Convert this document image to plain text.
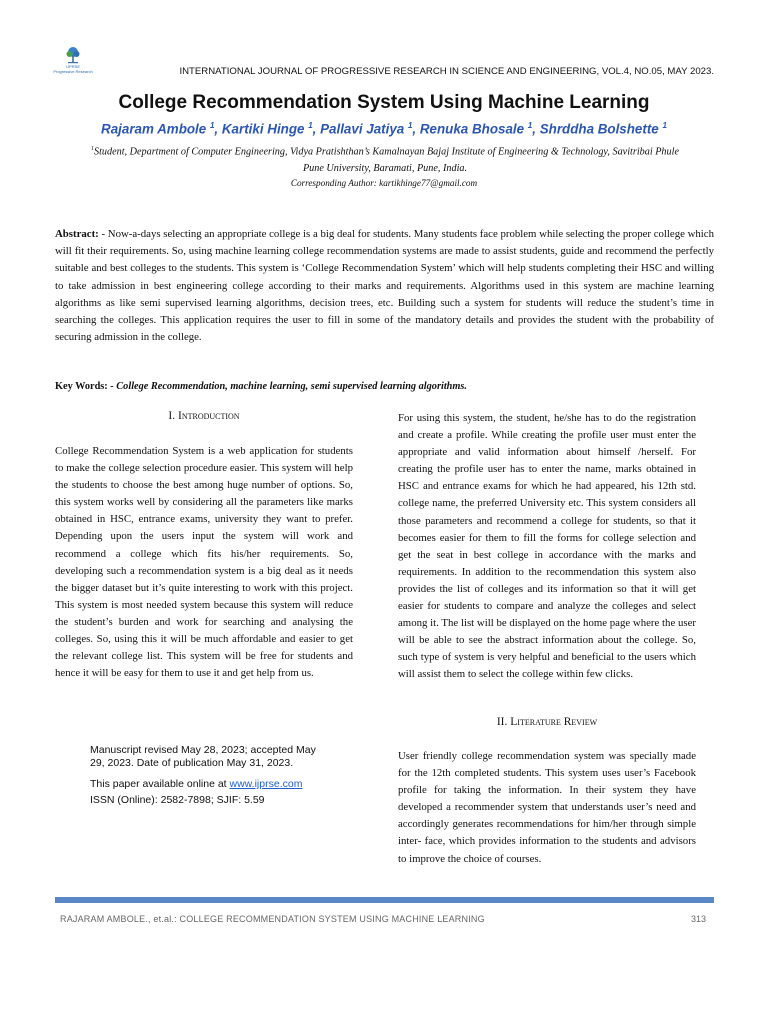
IJPRSE
Progressive Research	INTERNATIONAL JOURNAL OF PROGRESSIVE RESEARCH IN SCIENCE AND ENGINEERING, VOL.4, NO.05, MAY 2023.
College Recommendation System Using Machine Learning
Rajaram Ambole $^1$, Kartiki Hinge $^1$, Pallavi Jatiya $^1$, Renuka Bhosale $^1$, Shrddha Bolshette $^1$
$^1$Student, Department of Computer Engineering, Vidya Pratishthan’s Kamalnayan Bajaj Institute of Engineering & Technology, Savitribai Phule Pune University, Baramati, Pune, India.
Corresponding Author: kartikhinge77@gmail.com
Abstract: - Now-a-days selecting an appropriate college is a big deal for students. Many students face problem while selecting the proper college which will fit their requirements. So, using machine learning college recommendation systems are made to assist students, guide and recommend the perfectly suitable and best colleges to the students. This system is ‘College Recommendation System’ which will help students completing their HSC and willing to take admission in best engineering college according to their marks and requirements. Algorithms used in this system are machine learning algorithms as like semi supervised learning algorithms, decision trees, etc. Building such a system for students will reduce the student’s time in searching the colleges. This application requires the user to fill in some of the mandatory details and provides the student with the probability of securing admission in the college.
Key Words: - College Recommendation, machine learning, semi supervised learning algorithms.
I. Introduction
College Recommendation System is a web application for students to make the college selection procedure easier. This system will help the students to choose the best among huge number of options. So, this system works well by considering all the parameters like marks obtained in HSC, entrance exams, university they want to prefer. Depending upon the users input the system will work and recommend a college which fits his/her requirements. So, developing such a recommendation system is a big deal as it needs the bigger dataset but it’s quite interesting to work with this project. This system is most needed system because this system will reduce the student’s burden and work for searching and analysing the colleges. So, using this it will be much affordable and easier to get the relevant college list. This system will be free for students and hence it will be easy for them to use it and get help from us.

Manuscript revised May 28, 2023; accepted May 29, 2023. Date of publication May 31, 2023.

This paper available online at www.ijprse.com

ISSN (Online): 2582-7898; SJIF: 5.59

For using this system, the student, he/she has to do the registration and create a profile. While creating the profile user must enter the appropriate and valid information about himself /herself. For creating the profile user has to enter the name, marks obtained in HSC and entrance exams for which he had appeared, his 12th std. college name, the preferred University etc. This system considers all those parameters and recommend a college for students, so that it becomes easier for them to fill the forms for college selection and get the seat in best college in accordance with the marks and requirements. In addition to the recommendation this system also provides the list of colleges and its information so that it will get easier for students to compare and analyze the colleges and select among it. The list will be displayed on the home page where the user will be able to see the abstract information about the college. So, such type of system is very helpful and beneficial to the users which will assist them to select the college within few clicks.
II. Literature Review
User friendly college recommendation system was specially made for the 12th completed students. This system uses user’s Facebook profile for taking the information. In their system they have developed a recommender system that understands user’s need and accordingly generates recommendations for him/her through simple inter- face, which provides information to the students and advisors to improve the choice of courses.
RAJARAM AMBOLE., et.al.: COLLEGE RECOMMENDATION SYSTEM USING MACHINE LEARNING	313
